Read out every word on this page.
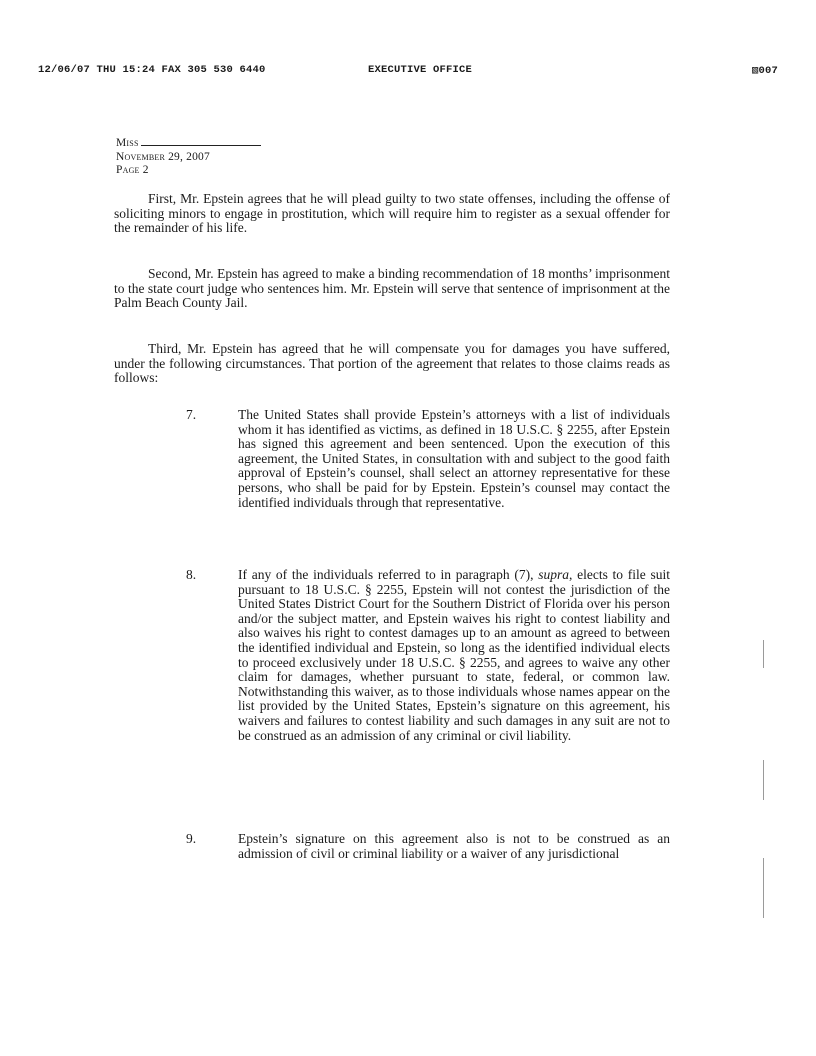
12/06/07 THU 15:24 FAX 305 530 6440	EXECUTIVE OFFICE	▧007
Miss
November 29, 2007
Page 2
First, Mr. Epstein agrees that he will plead guilty to two state offenses, including the offense of soliciting minors to engage in prostitution, which will require him to register as a sexual offender for the remainder of his life.
Second, Mr. Epstein has agreed to make a binding recommendation of 18 months’ imprisonment to the state court judge who sentences him. Mr. Epstein will serve that sentence of imprisonment at the Palm Beach County Jail.
Third, Mr. Epstein has agreed that he will compensate you for damages you have suffered, under the following circumstances. That portion of the agreement that relates to those claims reads as follows:
7.	The United States shall provide Epstein’s attorneys with a list of individuals whom it has identified as victims, as defined in 18 U.S.C. § 2255, after Epstein has signed this agreement and been sentenced. Upon the execution of this agreement, the United States, in consultation with and subject to the good faith approval of Epstein’s counsel, shall select an attorney representative for these persons, who shall be paid for by Epstein. Epstein’s counsel may contact the identified individuals through that representative.
8.	If any of the individuals referred to in paragraph (7), supra, elects to file suit pursuant to 18 U.S.C. § 2255, Epstein will not contest the jurisdiction of the United States District Court for the Southern District of Florida over his person and/or the subject matter, and Epstein waives his right to contest liability and also waives his right to contest damages up to an amount as agreed to between the identified individual and Epstein, so long as the identified individual elects to proceed exclusively under 18 U.S.C. § 2255, and agrees to waive any other claim for damages, whether pursuant to state, federal, or common law. Notwithstanding this waiver, as to those individuals whose names appear on the list provided by the United States, Epstein’s signature on this agreement, his waivers and failures to contest liability and such damages in any suit are not to be construed as an admission of any criminal or civil liability.
9.	Epstein’s signature on this agreement also is not to be construed as an admission of civil or criminal liability or a waiver of any jurisdictional
